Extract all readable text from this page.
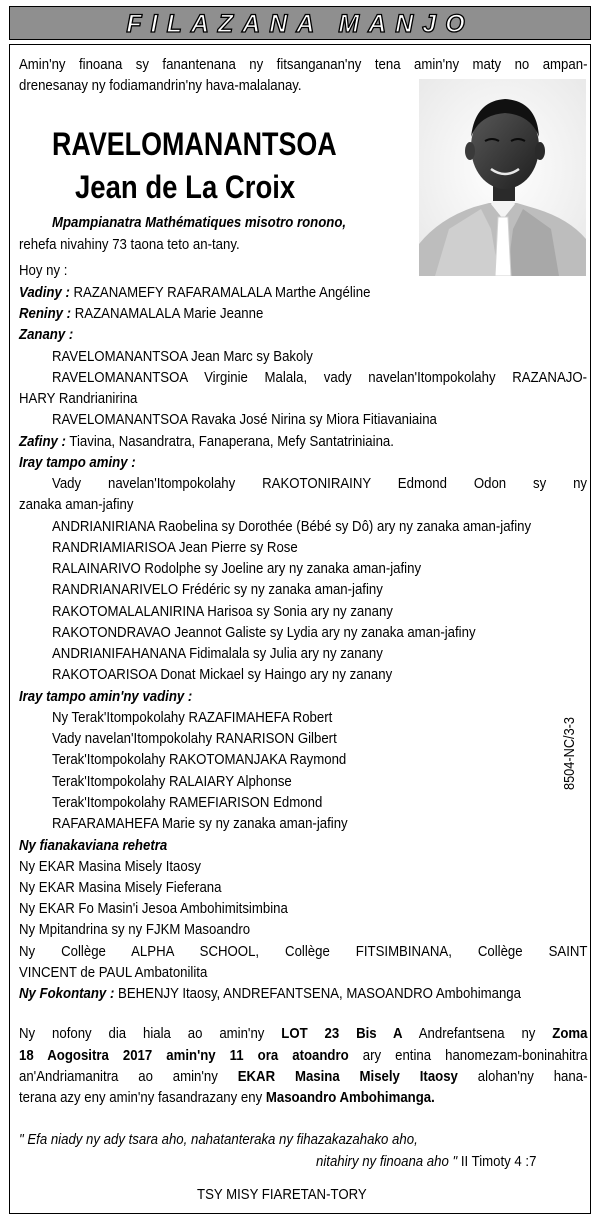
FILAZANA MANJO
Amin'ny finoana sy fanantenana ny fitsanganan'ny tena amin'ny maty no ampan-
drenesanay ny fodiamandrin'ny hava-malalanay.
RAVELOMANANTSOA
Jean de La Croix
Mpampianatra Mathématiques misotro ronono,
rehefa nivahiny 73 taona teto an-tany.
Hoy ny :
Vadiny : RAZANAMEFY RAFARAMALALA Marthe Angéline
Reniny : RAZANAMALALA Marie Jeanne
Zanany :
RAVELOMANANTSOA Jean Marc sy Bakoly
RAVELOMANANTSOA Virginie Malala, vady navelan'Itompokolahy RAZANAJO-
HARY Randrianirina
RAVELOMANANTSOA Ravaka José Nirina sy Miora Fitiavaniaina
Zafiny : Tiavina, Nasandratra, Fanaperana, Mefy Santatriniaina.
Iray tampo aminy :
Vady navelan'Itompokolahy RAKOTONIRAINY Edmond Odon sy ny
zanaka aman-jafiny
ANDRIANIRIANA Raobelina sy Dorothée (Bébé sy Dô) ary ny zanaka aman-jafiny
RANDRIAMIARISOA Jean Pierre sy Rose
RALAINARIVO Rodolphe sy Joeline ary ny zanaka aman-jafiny
RANDRIANARIVELO Frédéric sy ny zanaka aman-jafiny
RAKOTOMALALANIRINA Harisoa sy Sonia ary ny zanany
RAKOTONDRAVAO Jeannot Galiste sy Lydia ary ny zanaka aman-jafiny
ANDRIANIFAHANANA Fidimalala sy Julia ary ny zanany
RAKOTOARISOA Donat Mickael sy Haingo ary ny zanany
Iray tampo amin'ny vadiny :
Ny Terak'Itompokolahy RAZAFIMAHEFA Robert
Vady navelan'Itompokolahy RANARISON Gilbert
Terak'Itompokolahy RAKOTOMANJAKA Raymond
Terak'Itompokolahy RALAIARY Alphonse
Terak'Itompokolahy RAMEFIARISON Edmond
RAFARAMAHEFA Marie sy ny zanaka aman-jafiny
8504-NC/3-3
Ny fianakaviana rehetra
Ny EKAR Masina Misely Itaosy
Ny EKAR Masina Misely Fieferana
Ny EKAR Fo Masin'i Jesoa Ambohimitsimbina
Ny Mpitandrina sy ny FJKM Masoandro
Ny Collège ALPHA SCHOOL, Collège FITSIMBINANA, Collège SAINT
VINCENT de PAUL Ambatonilita
Ny Fokontany : BEHENJY Itaosy, ANDREFANTSENA, MASOANDRO Ambohimanga
Ny nofony dia hiala ao amin'ny LOT 23 Bis A Andrefantsena ny Zoma
18 Aogositra 2017 amin'ny 11 ora atoandro ary entina hanomezam-boninahitra
an'Andriamanitra ao amin'ny EKAR Masina Misely Itaosy alohan'ny hana-
terana azy eny amin'ny fasandrazany eny Masoandro Ambohimanga.
" Efa niady ny ady tsara aho, nahatanteraka ny fihazakazahako aho,
nitahiry ny finoana aho " II Timoty 4 :7
TSY MISY FIARETAN-TORY
